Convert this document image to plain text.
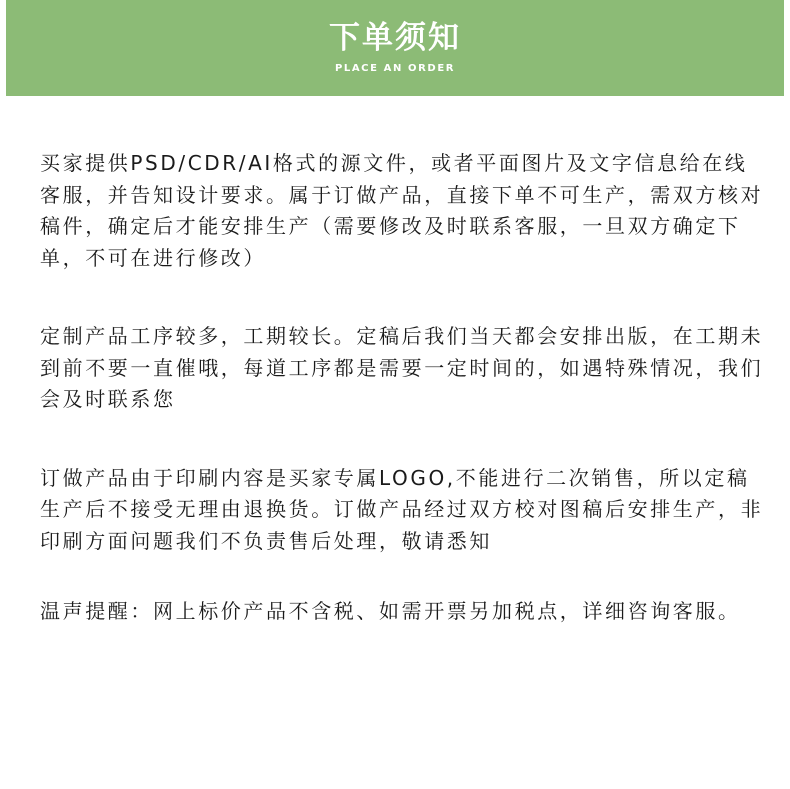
下单须知
PLACE AN ORDER

买家提供PSD/CDR/AI格式的源文件，或者平面图片及文字信息给在线客服，并告知设计要求。属于订做产品，直接下单不可生产，需双方核对稿件，确定后才能安排生产（需要修改及时联系客服，一旦双方确定下单，不可在进行修改）

定制产品工序较多，工期较长。定稿后我们当天都会安排出版，在工期未到前不要一直催哦，每道工序都是需要一定时间的，如遇特殊情况，我们会及时联系您

订做产品由于印刷内容是买家专属LOGO,不能进行二次销售，所以定稿生产后不接受无理由退换货。订做产品经过双方校对图稿后安排生产，非印刷方面问题我们不负责售后处理，敬请悉知

温声提醒：网上标价产品不含税、如需开票另加税点，详细咨询客服。
